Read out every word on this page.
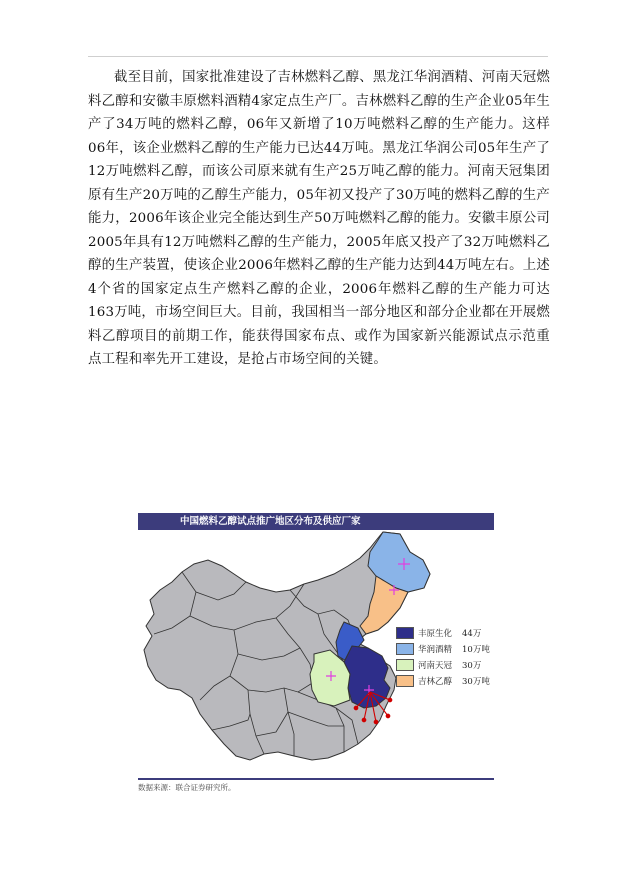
截至目前，国家批准建设了吉林燃料乙醇、黑龙江华润酒精、河南天冠燃料乙醇和安徽丰原燃料酒精4家定点生产厂。吉林燃料乙醇的生产企业05年生产了34万吨的燃料乙醇，06年又新增了10万吨燃料乙醇的生产能力。这样06年，该企业燃料乙醇的生产能力已达44万吨。黑龙江华润公司05年生产了12万吨燃料乙醇，而该公司原来就有生产25万吨乙醇的能力。河南天冠集团原有生产20万吨的乙醇生产能力，05年初又投产了30万吨的燃料乙醇的生产能力，2006年该企业完全能达到生产50万吨燃料乙醇的能力。安徽丰原公司2005年具有12万吨燃料乙醇的生产能力，2005年底又投产了32万吨燃料乙醇的生产装置，使该企业2006年燃料乙醇的生产能力达到44万吨左右。上述4个省的国家定点生产燃料乙醇的企业，2006年燃料乙醇的生产能力可达163万吨，市场空间巨大。目前，我国相当一部分地区和部分企业都在开展燃料乙醇项目的前期工作，能获得国家布点、或作为国家新兴能源试点示范重点工程和率先开工建设，是抢占市场空间的关键。

中国燃料乙醇试点推广地区分布及供应厂家
丰原生化	44万
华润酒精	10万吨
河南天冠	30万
吉林乙醇	30万吨
数据来源：联合证券研究所。
